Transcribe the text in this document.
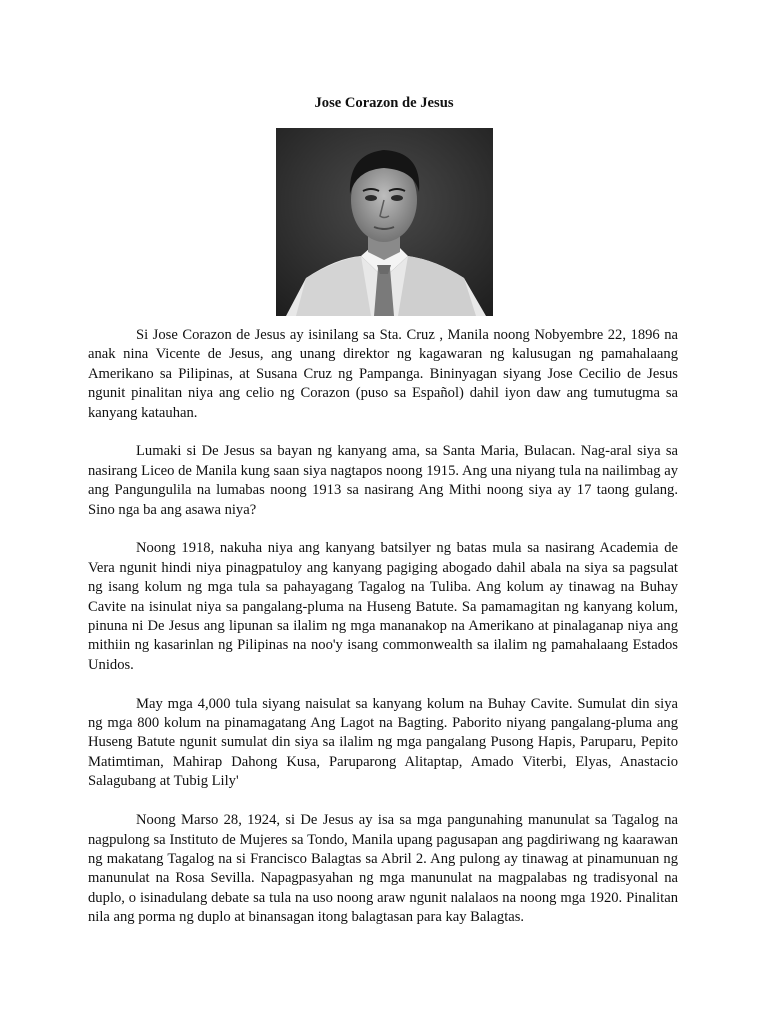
Jose Corazon de Jesus

Si Jose Corazon de Jesus ay isinilang sa Sta. Cruz , Manila noong Nobyembre 22, 1896 na anak nina Vicente de Jesus, ang unang direktor ng kagawaran ng kalusugan ng pamahalaang Amerikano sa Pilipinas, at Susana Cruz ng Pampanga. Bininyagan siyang Jose Cecilio de Jesus ngunit pinalitan niya ang celio ng Corazon (puso sa Español) dahil iyon daw ang tumutugma sa kanyang katauhan.

Lumaki si De Jesus sa bayan ng kanyang ama, sa Santa Maria, Bulacan. Nag-aral siya sa nasirang Liceo de Manila kung saan siya nagtapos noong 1915. Ang una niyang tula na nailimbag ay ang Pangungulila na lumabas noong 1913 sa nasirang Ang Mithi noong siya ay 17 taong gulang. Sino nga ba ang asawa niya?

Noong 1918, nakuha niya ang kanyang batsilyer ng batas mula sa nasirang Academia de Vera ngunit hindi niya pinagpatuloy ang kanyang pagiging abogado dahil abala na siya sa pagsulat ng isang kolum ng mga tula sa pahayagang Tagalog na Tuliba. Ang kolum ay tinawag na Buhay Cavite na isinulat niya sa pangalang-pluma na Huseng Batute. Sa pamamagitan ng kanyang kolum, pinuna ni De Jesus ang lipunan sa ilalim ng mga mananakop na Amerikano at pinalaganap niya ang mithiin ng kasarinlan ng Pilipinas na noo'y isang commonwealth sa ilalim ng pamahalaang Estados Unidos.

May mga 4,000 tula siyang naisulat sa kanyang kolum na Buhay Cavite. Sumulat din siya ng mga 800 kolum na pinamagatang Ang Lagot na Bagting. Paborito niyang pangalang-pluma ang Huseng Batute ngunit sumulat din siya sa ilalim ng mga pangalang Pusong Hapis, Paruparu, Pepito Matimtiman, Mahirap Dahong Kusa, Paruparong Alitaptap, Amado Viterbi, Elyas, Anastacio Salagubang at Tubig Lily'

Noong Marso 28, 1924, si De Jesus ay isa sa mga pangunahing manunulat sa Tagalog na nagpulong sa Instituto de Mujeres sa Tondo, Manila upang pagusapan ang pagdiriwang ng kaarawan ng makatang Tagalog na si Francisco Balagtas sa Abril 2. Ang pulong ay tinawag at pinamunuan ng manunulat na Rosa Sevilla. Napagpasyahan ng mga manunulat na magpalabas ng tradisyonal na duplo, o isinadulang debate sa tula na uso noong araw ngunit nalalaos na noong mga 1920. Pinalitan nila ang porma ng duplo at binansagan itong balagtasan para kay Balagtas.
